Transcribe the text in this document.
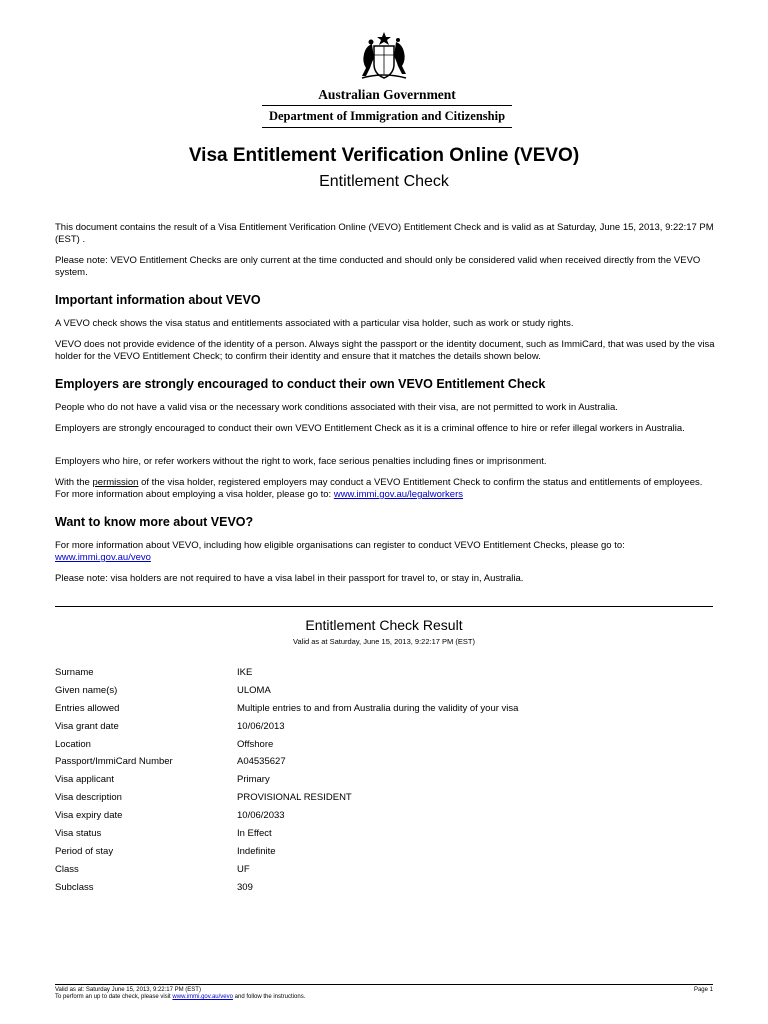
Australian Government
Department of Immigration and Citizenship
Visa Entitlement Verification Online (VEVO)
Entitlement Check
This document contains the result of a Visa Entitlement Verification Online (VEVO) Entitlement Check and is valid as at Saturday, June 15, 2013, 9:22:17 PM (EST) .
Please note: VEVO Entitlement Checks are only current at the time conducted and should only be considered valid when received directly from the VEVO system.
Important information about VEVO
A VEVO check shows the visa status and entitlements associated with a particular visa holder, such as work or study rights.
VEVO does not provide evidence of the identity of a person. Always sight the passport or the identity document, such as ImmiCard, that was used by the visa holder for the VEVO Entitlement Check; to confirm their identity and ensure that it matches the details shown below.
Employers are strongly encouraged to conduct their own VEVO Entitlement Check
People who do not have a valid visa or the necessary work conditions associated with their visa, are not permitted to work in Australia.
Employers are strongly encouraged to conduct their own VEVO Entitlement Check as it is a criminal offence to hire or refer illegal workers in Australia.
Employers who hire, or refer workers without the right to work, face serious penalties including fines or imprisonment.
With the permission of the visa holder, registered employers may conduct a VEVO Entitlement Check to confirm the status and entitlements of employees. For more information about employing a visa holder, please go to: www.immi.gov.au/legalworkers
Want to know more about VEVO?
For more information about VEVO, including how eligible organisations can register to conduct VEVO Entitlement Checks, please go to:
www.immi.gov.au/vevo
Please note: visa holders are not required to have a visa label in their passport for travel to, or stay in, Australia.
Entitlement Check Result
Valid as at Saturday, June 15, 2013, 9:22:17 PM (EST)
Surname	IKE
Given name(s)	ULOMA
Entries allowed	Multiple entries to and from Australia during the validity of your visa
Visa grant date	10/06/2013
Location	Offshore
Passport/ImmiCard Number	A04535627
Visa applicant	Primary
Visa description	PROVISIONAL RESIDENT
Visa expiry date	10/06/2033
Visa status	In Effect
Period of stay	Indefinite
Class	UF
Subclass	309
Valid as at: Saturday June 15, 2013, 9:22:17 PM (EST)
To perform an up to date check, please visit www.immi.gov.au/vevo and follow the instructions.
Page 1
